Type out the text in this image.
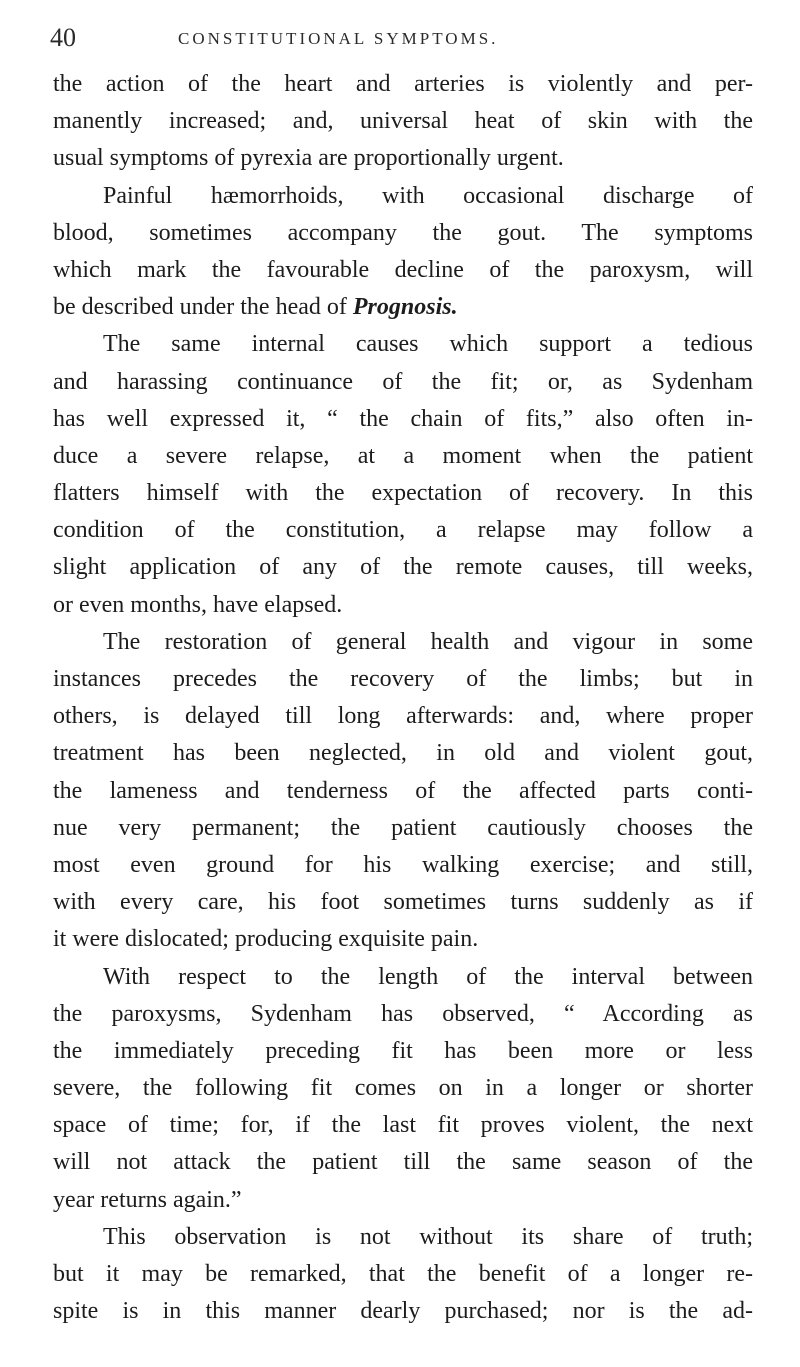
40	CONSTITUTIONAL SYMPTOMS.
the action of the heart and arteries is violently and per-
manently increased; and, universal heat of skin with the
usual symptoms of pyrexia are proportionally urgent.
Painful hæmorrhoids, with occasional discharge of
blood, sometimes accompany the gout. The symptoms
which mark the favourable decline of the paroxysm, will
be described under the head of Prognosis.
The same internal causes which support a tedious
and harassing continuance of the fit; or, as Sydenham
has well expressed it, “ the chain of fits,” also often in-
duce a severe relapse, at a moment when the patient
flatters himself with the expectation of recovery. In this
condition of the constitution, a relapse may follow a
slight application of any of the remote causes, till weeks,
or even months, have elapsed.
The restoration of general health and vigour in some
instances precedes the recovery of the limbs; but in
others, is delayed till long afterwards: and, where proper
treatment has been neglected, in old and violent gout,
the lameness and tenderness of the affected parts conti-
nue very permanent; the patient cautiously chooses the
most even ground for his walking exercise; and still,
with every care, his foot sometimes turns suddenly as if
it were dislocated; producing exquisite pain.
With respect to the length of the interval between
the paroxysms, Sydenham has observed, “ According as
the immediately preceding fit has been more or less
severe, the following fit comes on in a longer or shorter
space of time; for, if the last fit proves violent, the next
will not attack the patient till the same season of the
year returns again.”
This observation is not without its share of truth;
but it may be remarked, that the benefit of a longer re-
spite is in this manner dearly purchased; nor is the ad-
